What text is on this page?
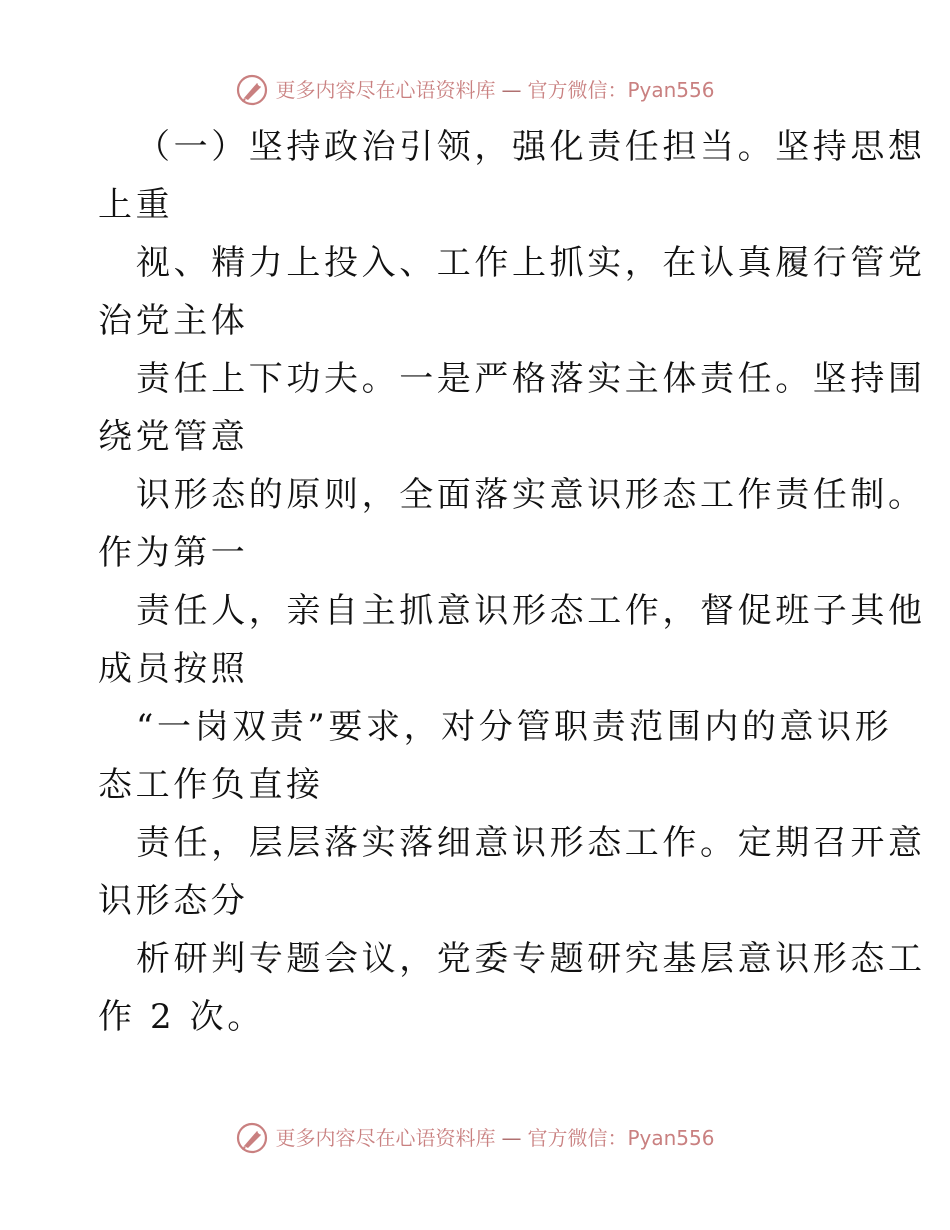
更多内容尽在心语资料库 — 官方微信：Pyan556
（一）坚持政治引领，强化责任担当。坚持思想
上重
视、精力上投入、工作上抓实，在认真履行管党
治党主体
责任上下功夫。一是严格落实主体责任。坚持围
绕党管意
识形态的原则，全面落实意识形态工作责任制。
作为第一
责任人，亲自主抓意识形态工作，督促班子其他
成员按照
“一岗双责”要求，对分管职责范围内的意识形
态工作负直接
责任，层层落实落细意识形态工作。定期召开意
识形态分
析研判专题会议，党委专题研究基层意识形态工
作 2 次。
更多内容尽在心语资料库 — 官方微信：Pyan556
